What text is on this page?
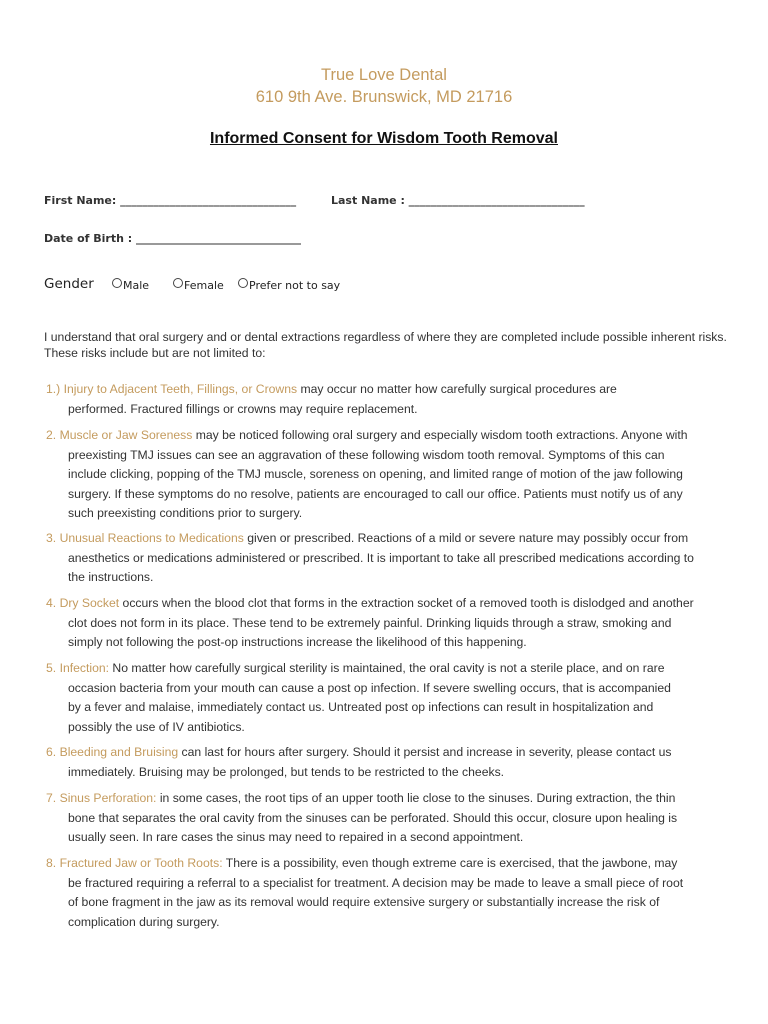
True Love Dental
610 9th Ave. Brunswick, MD 21716
Informed Consent for Wisdom Tooth Removal
First Name: ________________________________	Last Name : ________________________________
Date of Birth : ______________________________
Gender	Male	Female	Prefer not to say
I understand that oral surgery and or dental extractions regardless of where they are completed include possible inherent risks. These risks include but are not limited to:
1.) Injury to Adjacent Teeth, Fillings, or Crowns may occur no matter how carefully surgical procedures are
performed. Fractured fillings or crowns may require replacement.
2. Muscle or Jaw Soreness may be noticed following oral surgery and especially wisdom tooth extractions. Anyone with
preexisting TMJ issues can see an aggravation of these following wisdom tooth removal. Symptoms of this can
include clicking, popping of the TMJ muscle, soreness on opening, and limited range of motion of the jaw following
surgery. If these symptoms do no resolve, patients are encouraged to call our office. Patients must notify us of any
such preexisting conditions prior to surgery.
3. Unusual Reactions to Medications given or prescribed. Reactions of a mild or severe nature may possibly occur from
anesthetics or medications administered or prescribed. It is important to take all prescribed medications according to
the instructions.
4. Dry Socket occurs when the blood clot that forms in the extraction socket of a removed tooth is dislodged and another
clot does not form in its place. These tend to be extremely painful. Drinking liquids through a straw, smoking and
simply not following the post-op instructions increase the likelihood of this happening.
5. Infection: No matter how carefully surgical sterility is maintained, the oral cavity is not a sterile place, and on rare
occasion bacteria from your mouth can cause a post op infection. If severe swelling occurs, that is accompanied
by a fever and malaise, immediately contact us. Untreated post op infections can result in hospitalization and
possibly the use of IV antibiotics.
6. Bleeding and Bruising can last for hours after surgery. Should it persist and increase in severity, please contact us
immediately. Bruising may be prolonged, but tends to be restricted to the cheeks.
7. Sinus Perforation: in some cases, the root tips of an upper tooth lie close to the sinuses. During extraction, the thin
bone that separates the oral cavity from the sinuses can be perforated. Should this occur, closure upon healing is
usually seen. In rare cases the sinus may need to repaired in a second appointment.
8. Fractured Jaw or Tooth Roots: There is a possibility, even though extreme care is exercised, that the jawbone, may
be fractured requiring a referral to a specialist for treatment. A decision may be made to leave a small piece of root
of bone fragment in the jaw as its removal would require extensive surgery or substantially increase the risk of
complication during surgery.
